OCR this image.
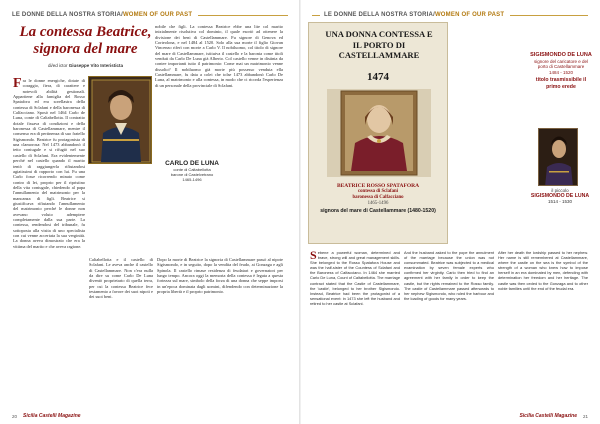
LE DONNE DELLA NOSTRA STORIA / WOMEN OF OUR PAST
La contessa Beatrice, signora del mare
di/ed ictor Giuseppe Vito Interisticta
Fra le donne energiche, dotate di coraggio, fiera, di carattere e notevoli abilità gestionali. Appartiene alla famiglia del Rosso Spatafora ed era sorellastra della contessa di Sclafani e della baronessa di Calfacciano. Sposò nel 1464 Carlo de Luna, conte di Caltabellotta. Il contratto dotale fissava di condizioni e della baronessa di Castellammare, mentre il consenso era di pertinenza di suo fratello Sigismondo. Beatrice fu protagonista di una clamorosa: Nel 1473 abbandonò il tetto coniugale e si rifugiò nel suo castello di Sclafani. Era evidentemente perché nel castello quando il marito tentò di raggiungerla rifiutandosi agiatissimi di rapporto con lui. Fu una Carlo fosse ricorrendo minato come contro di lei, proprio per il ripristino della vita coniugale, chiedendo al papa l'annullamento del matrimonio per la mancanza di figli. Beatrice si giustificava rifiutando l'annullamento del matrimonio perché le donne non avevano voluto adempiere completamente dalla sua parte. La contessa, rendendosi del tribunale, fu sottoposta alla visita di uno specialista con cui venne accertata la sua verginità. La donna aveva dimostrato che era la vittima del marito e che aveva ragione.
nobile che figli. La contessa Beatrice ebbe una lite col marito inizialmente risolutiva col dominio, il quale esortò ad ottenere la divisione dei beni di Castellammare. Fu signore di Genova ed Corteolona, e nel 1484 al 1520. Solo alla sua morte il figlio Giovan Vincenzo riferì con morte a Carlo V. Il nobiluomo, col titolo di signore del mare di Castellammare, istituiva il castello e la baronia come titoli venduti da Carlo De Luna già Alberto. Col castello venne in distinta da contee importanti tutto il patrimonio: Come mai un matrimonio venne dissolto? Il nobiluomo già morte più possesso venduta ella Castellammare, fu data a colei che tolse 1473 abbandonò Carlo De Luna, al matrimonio e alla contessa, in modo che ci ricorda l'esperienza di un personale della provinciale di Sclafani.
CARLO DE LUNA
conte di Caltabellotta
barone di Castelvetrano
1465-1496
Caltabellotta e il castello di Sclafani. Le aveva anche il castello di Castellammare. Non c'era nulla da dire su come Carlo De Luna diventò proprietario di quella terra, per cui la contessa Beatrice fece testamento a favore dei suoi nipoti e dei suoi beni.
Dopo la morte di Beatrice la signoria di Castellammare passò al nipote Sigismondo, e in seguito, dopo la vendita del feudo, ai Gonzaga e agli Spinola. Il castello rimase residenza di feudatari e governatori per lungo tempo. Ancora oggi la memoria della contessa è legata a questa fortezza sul mare, simbolo della forza di una donna che seppe imporsi in un'epoca dominata dagli uomini, difendendo con determinazione la propria libertà e il proprio patrimonio.
20 Sicilia Castelli Magazine
LE DONNE DELLA NOSTRA STORIA / WOMEN OF OUR PAST
UNA DONNA CONTESSA E IL PORTO DI CASTELLAMMARE
1474
BEATRICE ROSSO SPATAFORA
contessa di Sclafani
baronessa di Calfacciano
1465-1496
signora del mare di Castellammare (1480-1520)
SIGISMONDO DE LUNA
signore del caricatore e del porto di Castellammare
1484 - 1520
titolo trasmissibile il primo erede
il piccolo
SIGISMONDO DE LUNA
1514 - 1530
Sebene a powerful woman, determined and brave, strong will and great management skills. She belonged to the Rosso Spatafora House and was the half-sister of the Countess of Sclafani and the Baroness of Calfacciano. In 1464 she married Carlo De Luna, Count of Caltabellotta. The marriage contract stated that the Castle of Castellammare, the 'castle', belonged to her brother Sigismondo. Instead, Beatrice had been the protagonist of a sensational event: in 1473 she left the husband and retired to her castle at Sclafani.
And the husband asked to the pope the annulment of the marriage because the union was not consummated. Beatrice was subjected to a medical examination by seven female experts who confirmed her virginity. Carlo then tried to find an agreement with her family in order to keep the castle, but the rights remained to the Rosso family. The castle of Castellammare passed afterwards to her nephew Sigismondo, who ruled the harbour and the loading of goods for many years.
After her death the lordship passed to her nephew. Her name is still remembered at Castellammare, where the castle on the sea is the symbol of the strength of a woman who knew how to impose herself in an era dominated by men, defending with determination her freedom and her heritage. The castle was then ceded to the Gonzaga and to other noble families until the end of the feudal era.
Sicilia Castelli Magazine 21
